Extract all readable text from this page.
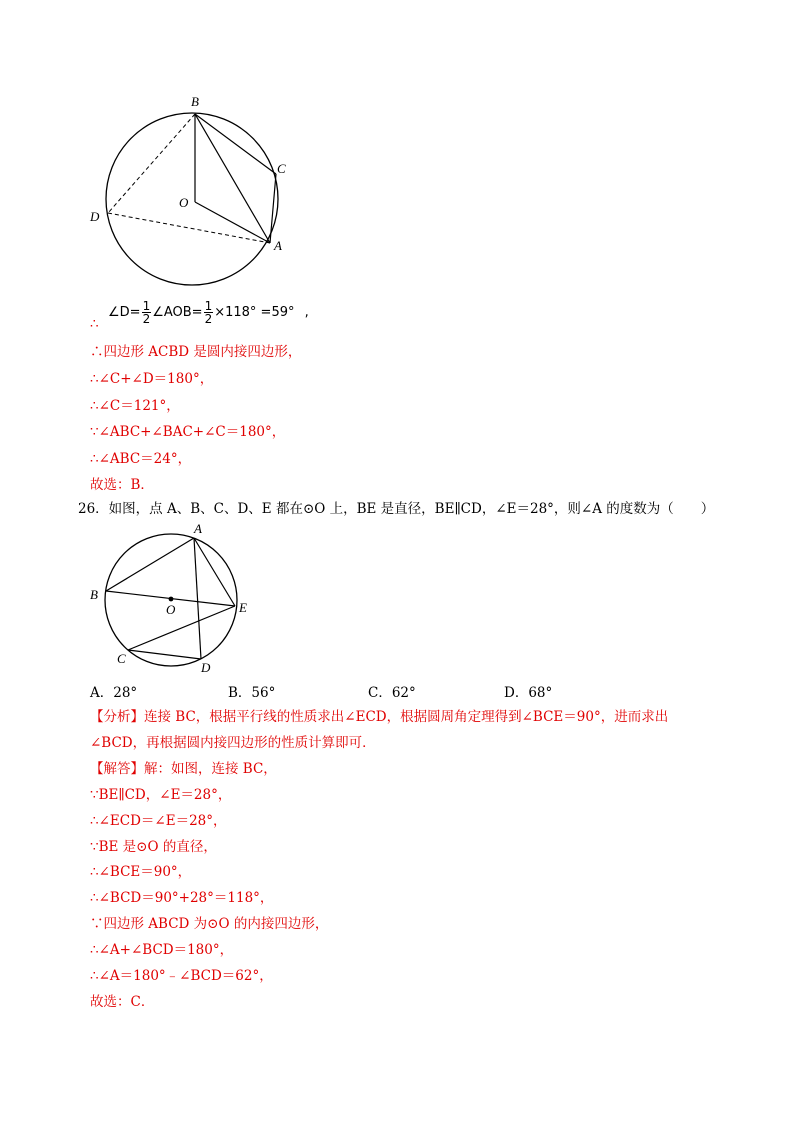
B
C
O
D
A
∠D= $\frac{1}{2}$ ∠AOB= $\frac{1}{2} \times 118^\circ =59^\circ$ ,
∴
∴四边形 ACBD 是圆内接四边形，
∴∠C+∠D＝180°，
∴∠C＝121°，
∵∠ABC+∠BAC+∠C＝180°，
∴∠ABC＝24°，
故选：B．
26．如图，点 A、B、C、D、E 都在⊙O 上，BE 是直径，BE∥CD，∠E＝28°，则∠A 的度数为（　　）
A
B
O	E
C
D
A．28°	B．56°	C．62°	D．68°
【分析】连接 BC，根据平行线的性质求出∠ECD，根据圆周角定理得到∠BCE＝90°，进而求出
∠BCD，再根据圆内接四边形的性质计算即可．
【解答】解：如图，连接 BC，
∵BE∥CD，∠E＝28°，
∴∠ECD＝∠E＝28°，
∵BE 是⊙O 的直径，
∴∠BCE＝90°，
∴∠BCD＝90°+28°＝118°，
∵四边形 ABCD 为⊙O 的内接四边形，
∴∠A+∠BCD＝180°，
∴∠A＝180°﹣∠BCD＝62°，
故选：C．
